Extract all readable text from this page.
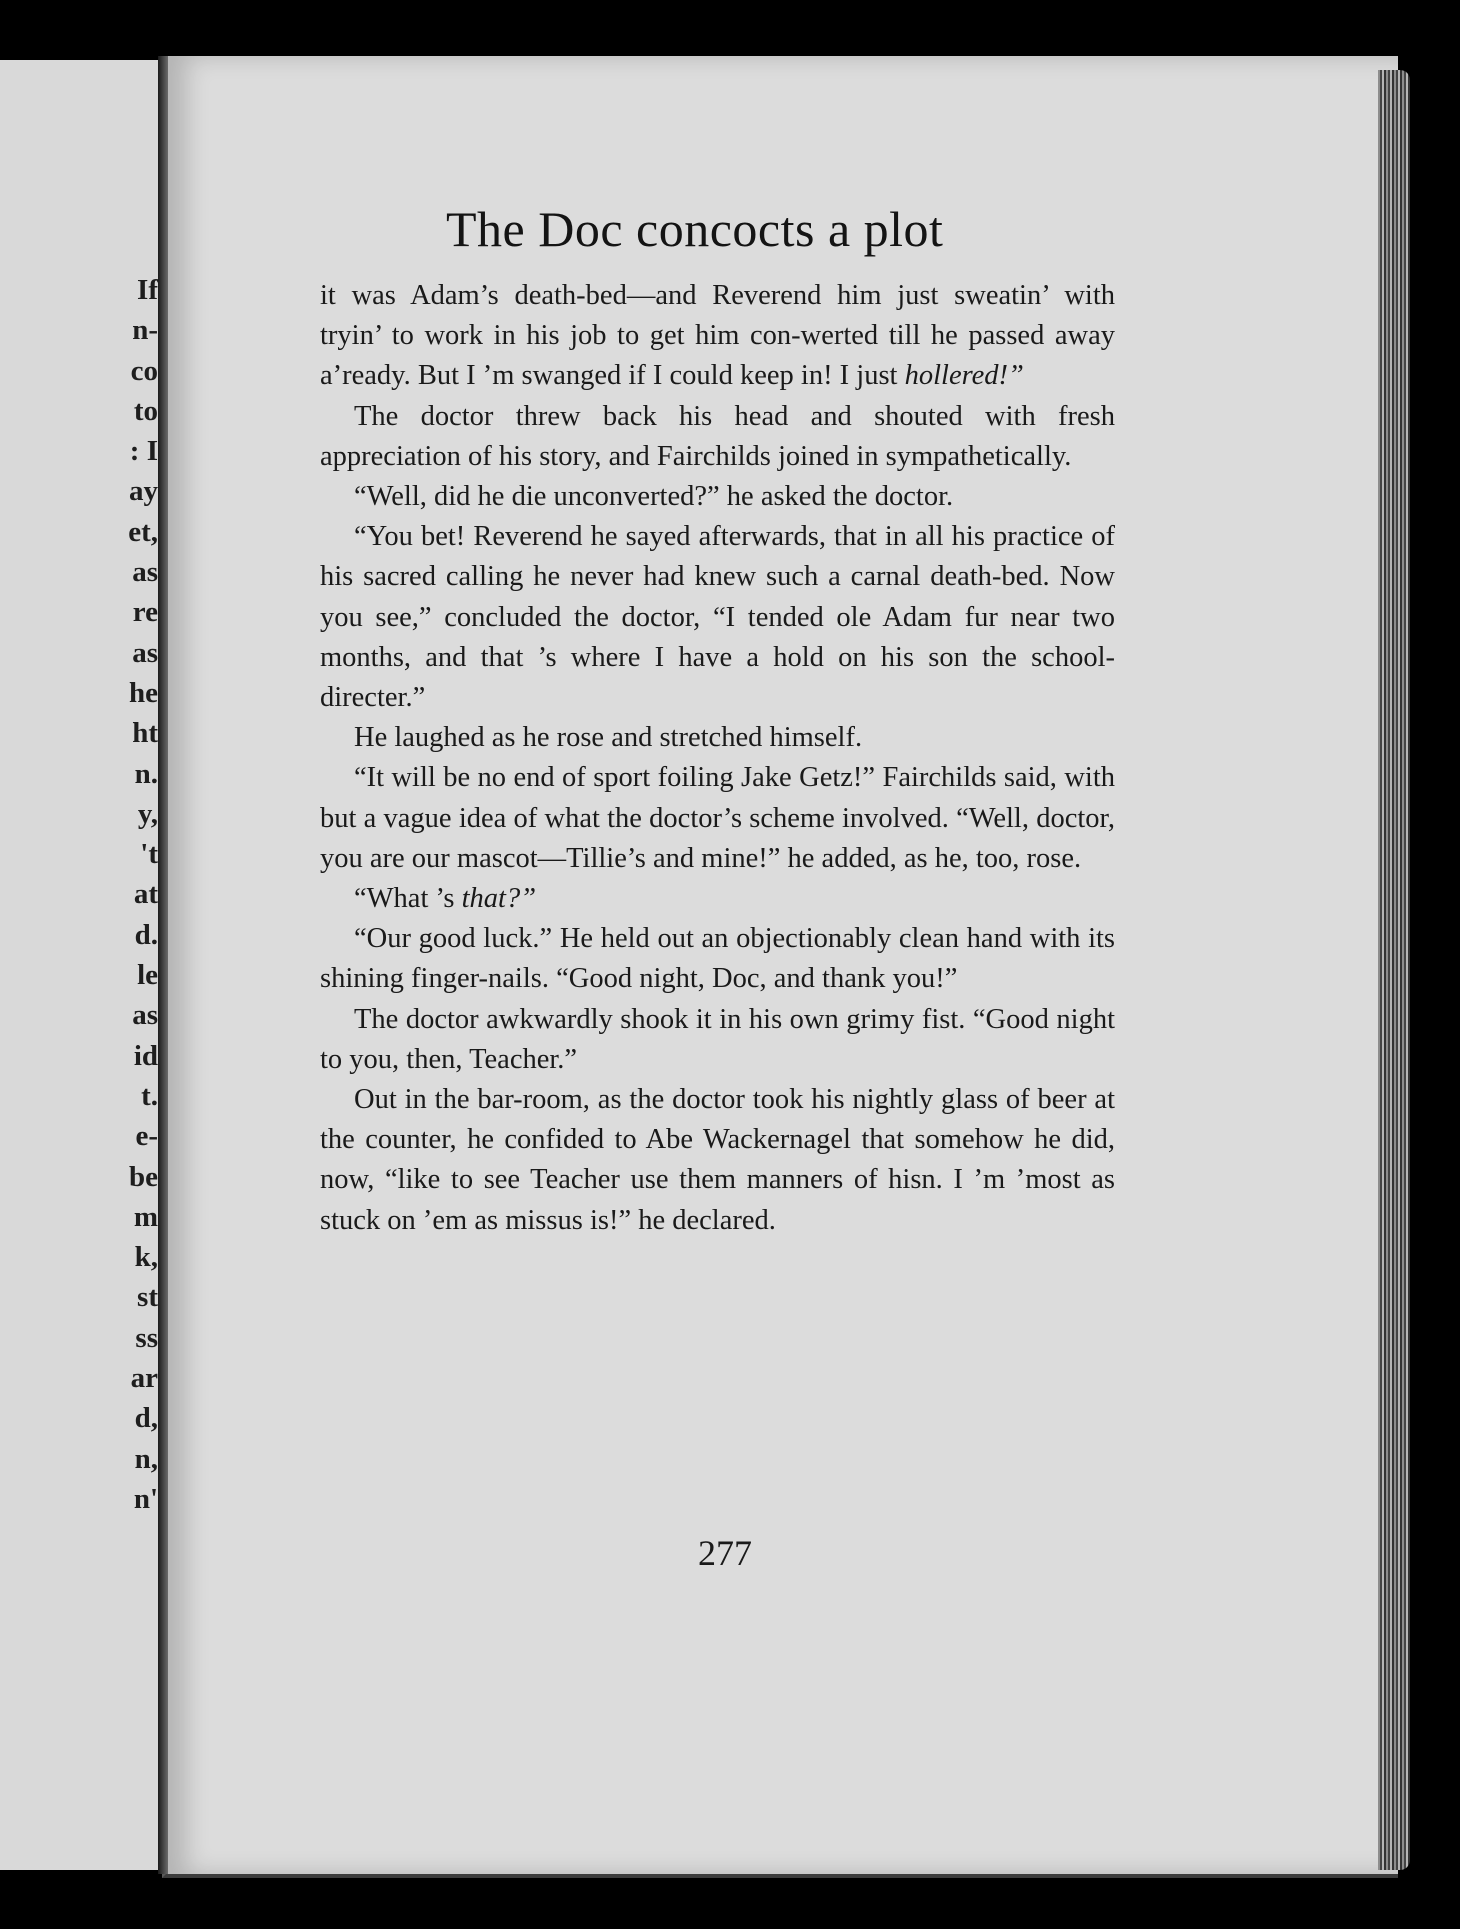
If
n-
co
to
: I
ay
et,
as
re
as
he
ht
n.
y,
't
at
d.
le
as
id
t.
e-
be
m
k,
st
ss
ar
d,
n,
n'
The Doc concocts a plot

it was Adam’s death-bed—and Reverend him just sweatin’ with tryin’ to work in his job to get him con-werted till he passed away a’ready. But I ’m swanged if I could keep in! I just hollered!”

The doctor threw back his head and shouted with fresh appreciation of his story, and Fairchilds joined in sympathetically.

“Well, did he die unconverted?” he asked the doctor.

“You bet! Reverend he sayed afterwards, that in all his practice of his sacred calling he never had knew such a carnal death-bed. Now you see,” concluded the doctor, “I tended ole Adam fur near two months, and that ’s where I have a hold on his son the school-directer.”

He laughed as he rose and stretched himself.

“It will be no end of sport foiling Jake Getz!” Fairchilds said, with but a vague idea of what the doctor’s scheme involved. “Well, doctor, you are our mascot—Tillie’s and mine!” he added, as he, too, rose.

“What ’s that?”

“Our good luck.” He held out an objectionably clean hand with its shining finger-nails. “Good night, Doc, and thank you!”

The doctor awkwardly shook it in his own grimy fist. “Good night to you, then, Teacher.”

Out in the bar-room, as the doctor took his nightly glass of beer at the counter, he confided to Abe Wackernagel that somehow he did, now, “like to see Teacher use them manners of hisn. I ’m ’most as stuck on ’em as missus is!” he declared.

277
